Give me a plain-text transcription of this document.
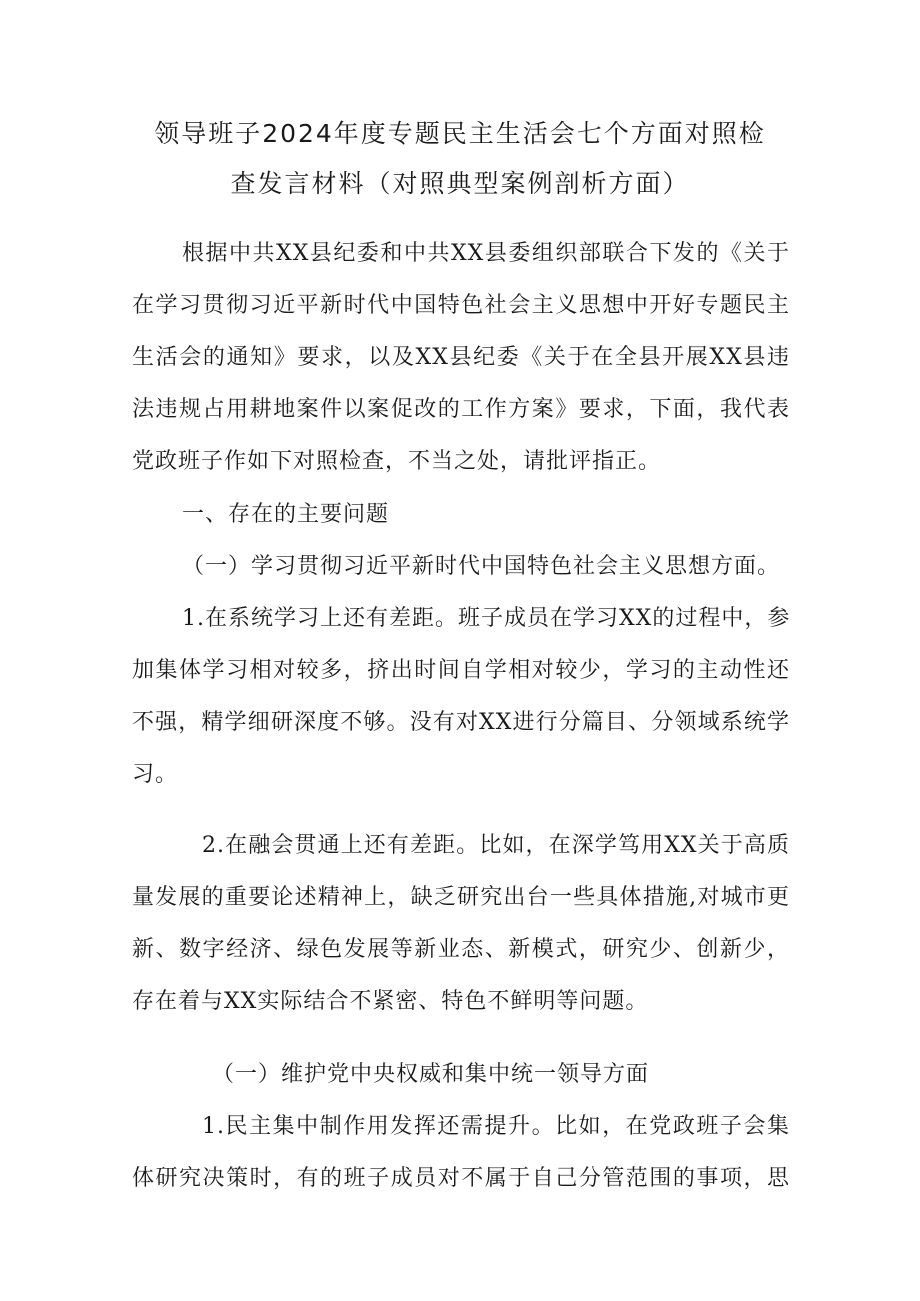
领导班子2024年度专题民主生活会七个方面对照检
查发言材料（对照典型案例剖析方面）
根据中共XX县纪委和中共XX县委组织部联合下发的《关于
在学习贯彻习近平新时代中国特色社会主义思想中开好专题民主
生活会的通知》要求，以及XX县纪委《关于在全县开展XX县违
法违规占用耕地案件以案促改的工作方案》要求，下面，我代表
党政班子作如下对照检查，不当之处，请批评指正。
一、存在的主要问题
（一）学习贯彻习近平新时代中国特色社会主义思想方面。
1.在系统学习上还有差距。班子成员在学习XX的过程中，参
加集体学习相对较多，挤出时间自学相对较少，学习的主动性还
不强，精学细研深度不够。没有对XX进行分篇目、分领域系统学
习。
2.在融会贯通上还有差距。比如，在深学笃用XX关于高质
量发展的重要论述精神上，缺乏研究出台一些具体措施,对城市更
新、数字经济、绿色发展等新业态、新模式，研究少、创新少，
存在着与XX实际结合不紧密、特色不鲜明等问题。
（一）维护党中央权威和集中统一领导方面
1.民主集中制作用发挥还需提升。比如，在党政班子会集
体研究决策时，有的班子成员对不属于自己分管范围的事项，思
